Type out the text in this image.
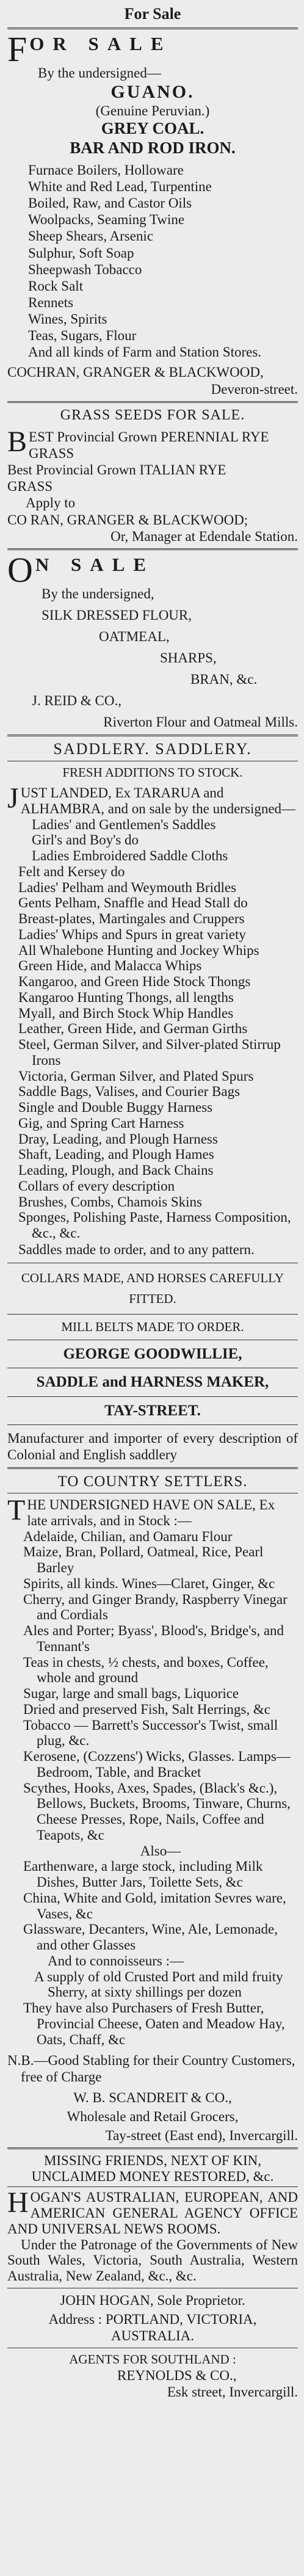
For Sale
F OR SALE
By the undersigned—
GUANO.
(Genuine Peruvian.)
GREY COAL.
BAR AND ROD IRON.

Furnace Boilers, Holloware

White and Red Lead, Turpentine

Boiled, Raw, and Castor Oils

Woolpacks, Seaming Twine

Sheep Shears, Arsenic

Sulphur, Soft Soap

Sheepwash Tobacco

Rock Salt

Rennets

Wines, Spirits

Teas, Sugars, Flour

And all kinds of Farm and Station Stores.

COCHRAN, GRANGER & BLACKWOOD,
Deveron-street.
GRASS SEEDS FOR SALE.
B EST Provincial Grown PERENNIAL RYE
GRASS
Best Provincial Grown ITALIAN RYE
GRASS
Apply to
CO RAN, GRANGER & BLACKWOOD;
Or, Manager at Edendale Station.
O N SALE
By the undersigned,
SILK DRESSED FLOUR,
OATMEAL,
SHARPS,
BRAN, &c.
J. REID & CO.,
Riverton Flour and Oatmeal Mills.
SADDLERY. SADDLERY.
FRESH ADDITIONS TO STOCK.
J UST LANDED, Ex TARARUA and ALHAMBRA, and on sale by the undersigned—

Ladies' and Gentlemen's Saddles

Girl's and Boy's do

Ladies Embroidered Saddle Cloths

Felt and Kersey do

Ladies' Pelham and Weymouth Bridles

Gents Pelham, Snaffle and Head Stall do

Breast-plates, Martingales and Cruppers

Ladies' Whips and Spurs in great variety

All Whalebone Hunting and Jockey Whips

Green Hide, and Malacca Whips

Kangaroo, and Green Hide Stock Thongs

Kangaroo Hunting Thongs, all lengths

Myall, and Birch Stock Whip Handles

Leather, Green Hide, and German Girths

Steel, German Silver, and Silver-plated Stirrup Irons

Victoria, German Silver, and Plated Spurs

Saddle Bags, Valises, and Courier Bags

Single and Double Buggy Harness

Gig, and Spring Cart Harness

Dray, Leading, and Plough Harness

Shaft, Leading, and Plough Hames

Leading, Plough, and Back Chains

Collars of every description

Brushes, Combs, Chamois Skins

Sponges, Polishing Paste, Harness Composition, &c., &c.

Saddles made to order, and to any pattern.
COLLARS MADE, AND HORSES CAREFULLY FITTED.
MILL BELTS MADE TO ORDER.
GEORGE GOODWILLIE,
SADDLE and HARNESS MAKER,
TAY-STREET.
Manufacturer and importer of every description of Colonial and English saddlery
TO COUNTRY SETTLERS.
T HE UNDERSIGNED HAVE ON SALE, Ex late arrivals, and in Stock :—

Adelaide, Chilian, and Oamaru Flour

Maize, Bran, Pollard, Oatmeal, Rice, Pearl Barley

Spirits, all kinds. Wines—Claret, Ginger, &c

Cherry, and Ginger Brandy, Raspberry Vinegar and Cordials

Ales and Porter; Byass', Blood's, Bridge's, and Tennant's

Teas in chests, ½ chests, and boxes, Coffee, whole and ground

Sugar, large and small bags, Liquorice

Dried and preserved Fish, Salt Herrings, &c

Tobacco — Barrett's Successor's Twist, small plug, &c.

Kerosene, (Cozzens') Wicks, Glasses. Lamps—Bedroom, Table, and Bracket

Scythes, Hooks, Axes, Spades, (Black's &c.), Bellows, Buckets, Brooms, Tinware, Churns, Cheese Presses, Rope, Nails, Coffee and Teapots, &c

Also—

Earthenware, a large stock, including Milk Dishes, Butter Jars, Toilette Sets, &c

China, White and Gold, imitation Sevres ware, Vases, &c

Glassware, Decanters, Wine, Ale, Lemonade, and other Glasses

And to connoisseurs :—

A supply of old Crusted Port and mild fruity Sherry, at sixty shillings per dozen

They have also Purchasers of Fresh Butter, Provincial Cheese, Oaten and Meadow Hay, Oats, Chaff, &c

N.B.—Good Stabling for their Country Customers, free of Charge
W. B. SCANDREIT & CO.,
Wholesale and Retail Grocers,
Tay-street (East end), Invercargill.
MISSING FRIENDS, NEXT OF KIN, UNCLAIMED MONEY RESTORED, &c.
H OGAN'S AUSTRALIAN, EUROPEAN, AND AMERICAN GENERAL AGENCY OFFICE AND UNIVERSAL NEWS ROOMS.
Under the Patronage of the Governments of New South Wales, Victoria, South Australia, Western Australia, New Zealand, &c., &c.
JOHN HOGAN, Sole Proprietor.
Address : PORTLAND, VICTORIA, AUSTRALIA.
AGENTS FOR SOUTHLAND :
REYNOLDS & CO.,
Esk street, Invercargill.
